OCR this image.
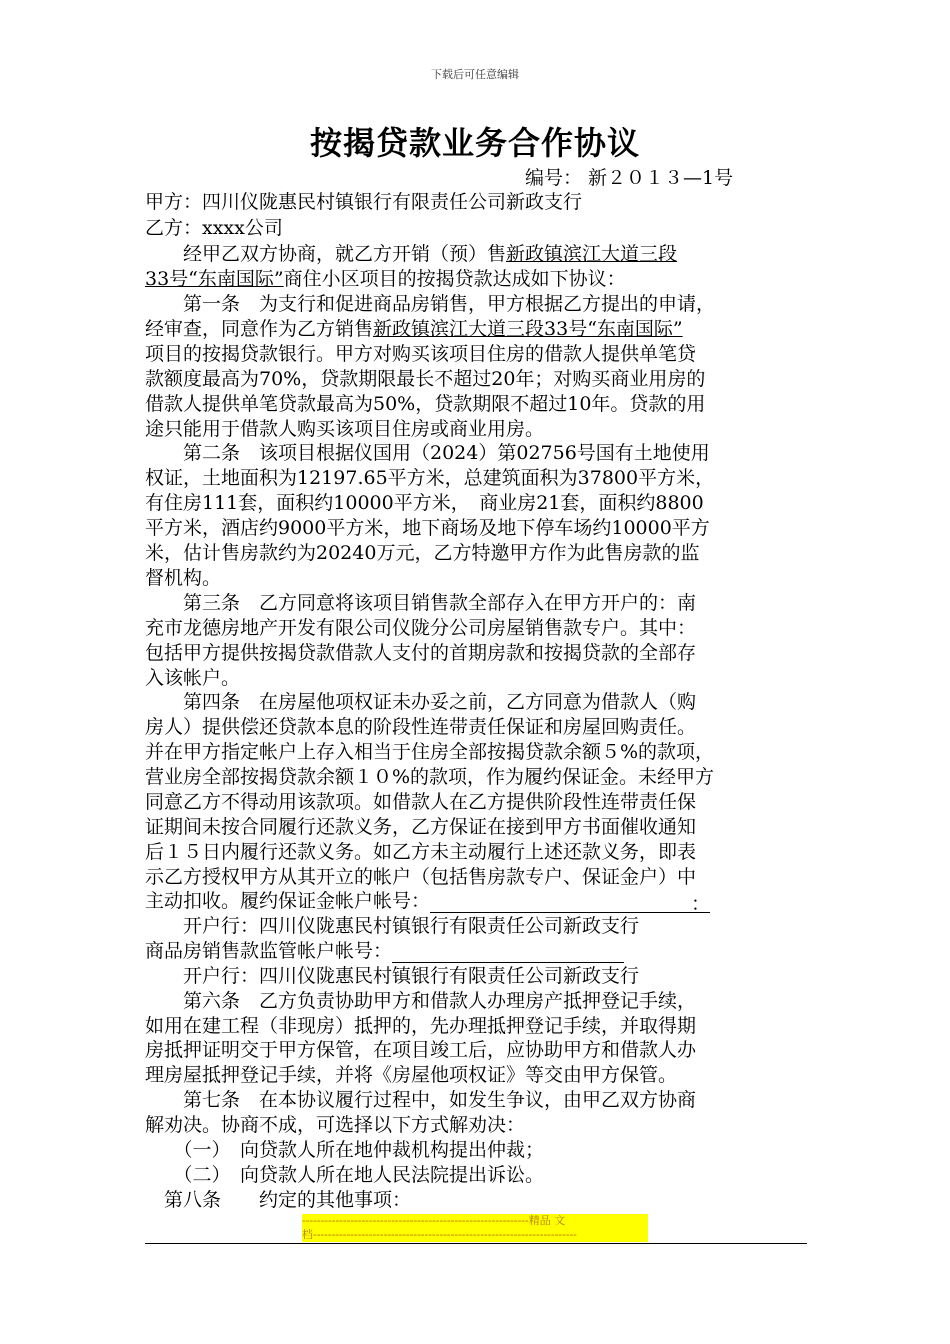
下载后可任意编辑
按揭贷款业务合作协议
编号： 新２０１３—1号
甲方：四川仪陇惠民村镇银行有限责任公司新政支行
乙方：xxxx公司
　　经甲乙双方协商，就乙方开销（预）售新政镇滨江大道三段
33号“东南国际”商住小区项目的按揭贷款达成如下协议：
　　第一条　为支行和促进商品房销售，甲方根据乙方提出的申请，
经审查，同意作为乙方销售新政镇滨江大道三段33号“东南国际”
项目的按揭贷款银行。甲方对购买该项目住房的借款人提供单笔贷
款额度最高为70%，贷款期限最长不超过20年；对购买商业用房的
借款人提供单笔贷款最高为50%，贷款期限不超过10年。贷款的用
途只能用于借款人购买该项目住房或商业用房。
　　第二条　该项目根据仪国用（2024）第02756号国有土地使用
权证，土地面积为12197.65平方米，总建筑面积为37800平方米，
有住房111套，面积约10000平方米，　商业房21套，面积约8800
平方米，酒店约9000平方米，地下商场及地下停车场约10000平方
米，估计售房款约为20240万元，乙方特邀甲方作为此售房款的监
督机构。
　　第三条　乙方同意将该项目销售款全部存入在甲方开户的：南
充市龙德房地产开发有限公司仪陇分公司房屋销售款专户。其中：
包括甲方提供按揭贷款借款人支付的首期房款和按揭贷款的全部存
入该帐户。
　　第四条　在房屋他项权证未办妥之前，乙方同意为借款人（购
房人）提供偿还贷款本息的阶段性连带责任保证和房屋回购责任。
并在甲方指定帐户上存入相当于住房全部按揭贷款余额５%的款项，
营业房全部按揭贷款余额１０%的款项，作为履约保证金。未经甲方
同意乙方不得动用该款项。如借款人在乙方提供阶段性连带责任保
证期间未按合同履行还款义务，乙方保证在接到甲方书面催收通知
后１５日内履行还款义务。如乙方未主动履行上述还款义务，即表
示乙方授权甲方从其开立的帐户（包括售房款专户、保证金户）中
主动扣收。履约保证金帐户帐号：	：
　　开户行：四川仪陇惠民村镇银行有限责任公司新政支行
商品房销售款监管帐户帐号：
　　开户行：四川仪陇惠民村镇银行有限责任公司新政支行
　　第六条　乙方负责协助甲方和借款人办理房产抵押登记手续，
如用在建工程（非现房）抵押的，先办理抵押登记手续，并取得期
房抵押证明交于甲方保管，在项目竣工后，应协助甲方和借款人办
理房屋抵押登记手续，并将《房屋他项权证》等交由甲方保管。
　　第七条　在本协议履行过程中，如发生争议，由甲乙双方协商
解劝决。协商不成，可选择以下方式解劝决：
　　（一）　向贷款人所在地仲裁机构提出仲裁；
　　（二）　向贷款人所在地人民法院提出诉讼。
　第八条　　约定的其他事项：
-------------------------------------------------------------精品 文
档-----------------------------------------------------------------------
